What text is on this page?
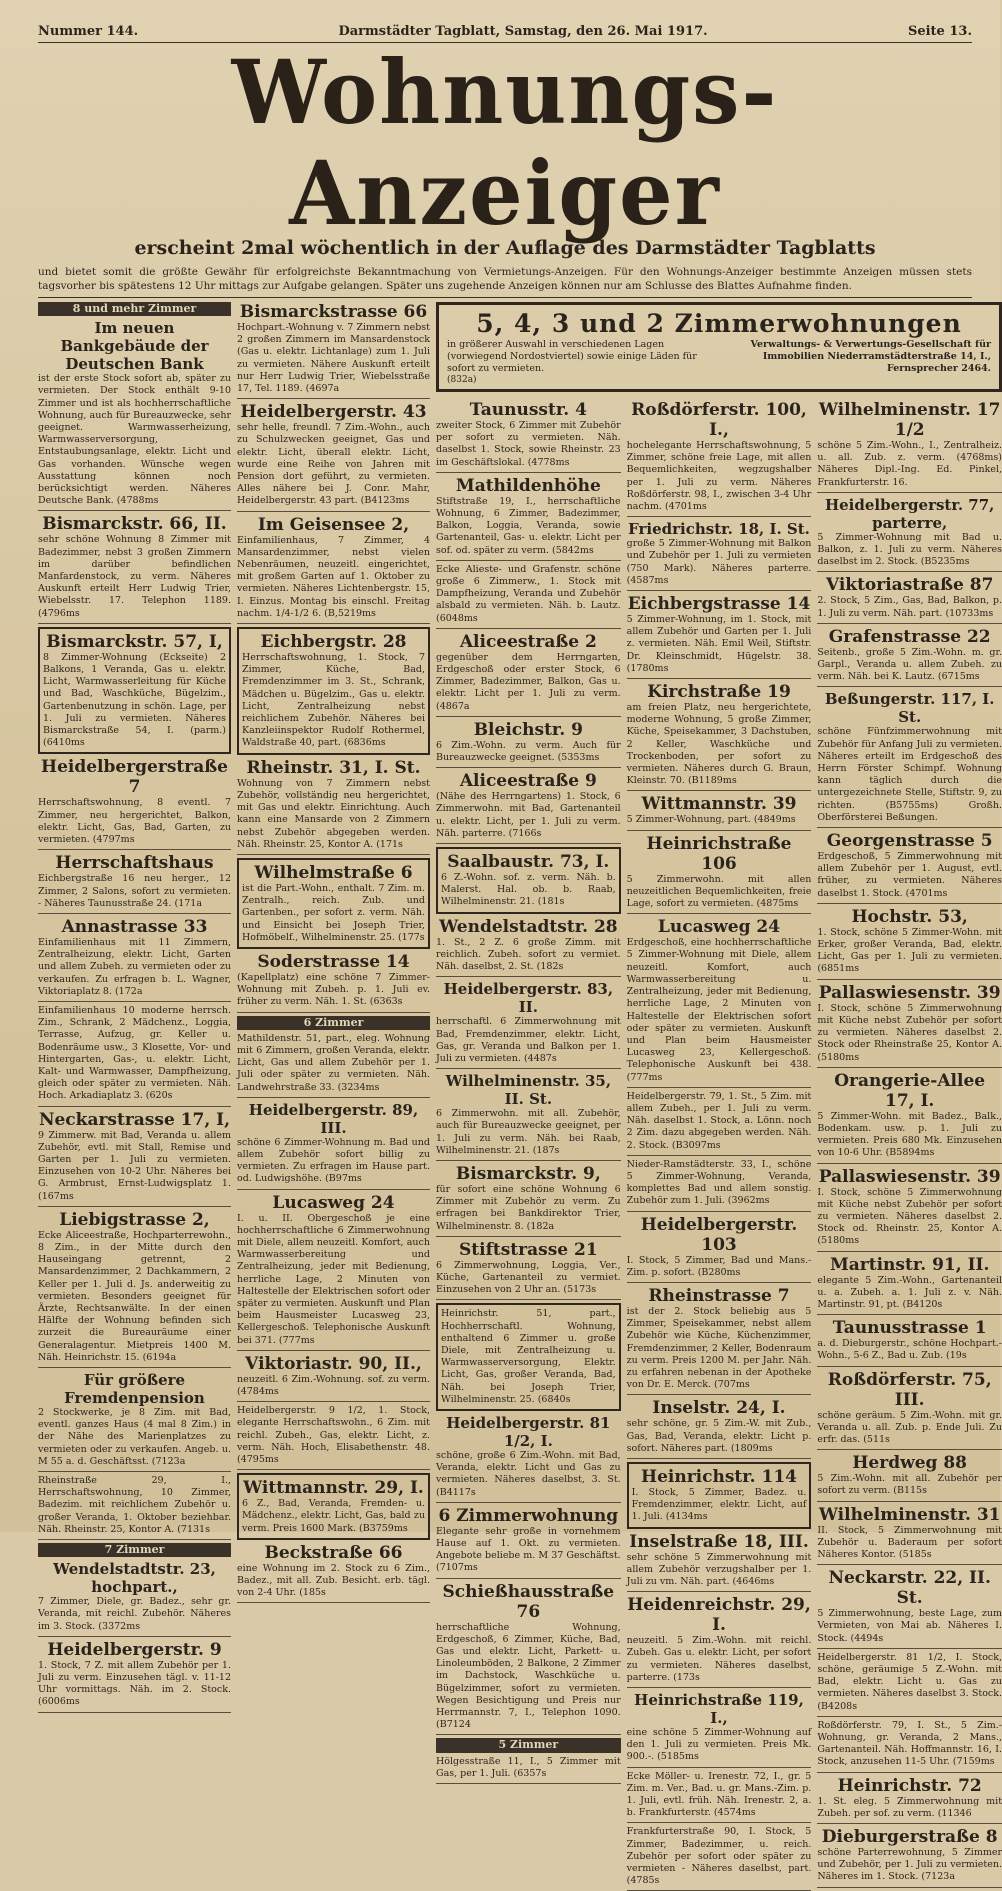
Nummer 144.	Darmstädter Tagblatt, Samstag, den 26. Mai 1917.	Seite 13.
Wohnungs-Anzeiger
erscheint 2mal wöchentlich in der Auflage des Darmstädter Tagblatts
und bietet somit die größte Gewähr für erfolgreichste Bekanntmachung von Vermietungs-Anzeigen. Für den Wohnungs-Anzeiger bestimmte Anzeigen müssen stets tagsvorher bis spätestens 12 Uhr mittags zur Aufgabe gelangen. Später uns zugehende Anzeigen können nur am Schlusse des Blattes Aufnahme finden.
8 und mehr Zimmer
Im neuen Bankgebäude der Deutschen Bank
ist der erste Stock sofort ab, später zu vermieten. Der Stock enthält 9-10 Zimmer und ist als hochherrschaftliche Wohnung, auch für Bureauzwecke, sehr geeignet. Warmwasserheizung, Warmwasserversorgung, Entstaubungsanlage, elektr. Licht und Gas vorhanden. Wünsche wegen Ausstattung können noch berücksichtigt werden. Näheres Deutsche Bank. (4788ms
Bismarckstr. 66, II.
sehr schöne Wohnung 8 Zimmer mit Badezimmer, nebst 3 großen Zimmern im darüber befindlichen Manfardenstock, zu verm. Näheres Auskunft erteilt Herr Ludwig Trier, Wiebelsstr. 17. Telephon 1189. (4796ms
Bismarckstr. 57, I,
8 Zimmer-Wohnung (Eckseite) 2 Balkons, 1 Veranda, Gas u. elektr. Licht, Warmwasserleitung für Küche und Bad, Waschküche, Bügelzim., Gartenbenutzung in schön. Lage, per 1. Juli zu vermieten. Näheres Bismarckstraße 54, I. (parm.) (6410ms
Heidelbergerstraße 7
Herrschaftswohnung, 8 eventl. 7 Zimmer, neu hergerichtet, Balkon, elektr. Licht, Gas, Bad, Garten, zu vermieten. (4797ms
Herrschaftshaus
Eichbergstraße 16 neu herger., 12 Zimmer, 2 Salons, sofort zu vermieten. - Näheres Taunusstraße 24. (171a
Annastrasse 33
Einfamilienhaus mit 11 Zimmern, Zentralheizung, elektr. Licht, Garten und allem Zubeh. zu vermieten oder zu verkaufen. Zu erfragen b. L. Wagner, Viktoriaplatz 8. (172a
Einfamilienhaus 10 moderne herrsch. Zim., Schrank, 2 Mädchenz., Loggia, Terrasse, Aufzug, gr. Keller u. Bodenräume usw., 3 Klosette, Vor- und Hintergarten, Gas-, u. elektr. Licht, Kalt- und Warmwasser, Dampfheizung, gleich oder später zu vermieten. Näh. Hoch. Arkadiaplatz 3. (620s
Neckarstrasse 17, I,
9 Zimmerw. mit Bad, Veranda u. allem Zubehör, evtl. mit Stall, Remise und Garten per 1. Juli zu vermieten. Einzusehen von 10-2 Uhr. Näheres bei G. Armbrust, Ernst-Ludwigsplatz 1. (167ms
Liebigstrasse 2,
Ecke Aliceestraße, Hochparterrewohn., 8 Zim., in der Mitte durch den Hauseingang getrennt, 2 Mansardenzimmer, 2 Dachkammern, 2 Keller per 1. Juli d. Js. anderweitig zu vermieten. Besonders geeignet für Ärzte, Rechtsanwälte. In der einen Hälfte der Wohnung befinden sich zurzeit die Bureauräume einer Generalagentur. Mietpreis 1400 M. Näh. Heinrichstr. 15. (6194a
Für größere Fremdenpension
2 Stockwerke, je 8 Zim. mit Bad, eventl. ganzes Haus (4 mal 8 Zim.) in der Nähe des Marienplatzes zu vermieten oder zu verkaufen. Angeb. u. M 55 a. d. Geschäftsst. (7123a
Rheinstraße 29, I., Herrschaftswohnung, 10 Zimmer, Badezim. mit reichlichem Zubehör u. großer Veranda, 1. Oktober beziehbar. Näh. Rheinstr. 25, Kontor A. (7131s
7 Zimmer
Wendelstadtstr. 23, hochpart.,
7 Zimmer, Diele, gr. Badez., sehr gr. Veranda, mit reichl. Zubehör. Näheres im 3. Stock. (3372ms
Heidelbergerstr. 9
1. Stock, 7 Z. mit allem Zubehör per 1. Juli zu verm. Einzusehen tägl. v. 11-12 Uhr vormittags. Näh. im 2. Stock. (6006ms
Bismarckstrasse 66
Hochpart.-Wohnung v. 7 Zimmern nebst 2 großen Zimmern im Mansardenstock (Gas u. elektr. Lichtanlage) zum 1. Juli zu vermieten. Nähere Auskunft erteilt nur Herr Ludwig Trier, Wiebelsstraße 17, Tel. 1189. (4697a
Heidelbergerstr. 43
sehr helle, freundl. 7 Zim.-Wohn., auch zu Schulzwecken geeignet, Gas und elektr. Licht, überall elektr. Licht, wurde eine Reihe von Jahren mit Pension dort geführt, zu vermieten. Alles nähere bei J. Conr. Mahr, Heidelbergerstr. 43 part. (B4123ms
Im Geisensee 2,
Einfamilienhaus, 7 Zimmer, 4 Mansardenzimmer, nebst vielen Nebenräumen, neuzeitl. eingerichtet, mit großem Garten auf 1. Oktober zu vermieten. Näheres Lichtenbergstr. 15, I. Einzus. Montag bis einschl. Freitag nachm. 1/4-1/2 6. (B,5219ms
Eichbergstr. 28
Herrschaftswohnung, 1. Stock, 7 Zimmer, Küche, Bad, Fremdenzimmer im 3. St., Schrank, Mädchen u. Bügelzim., Gas u. elektr. Licht, Zentralheizung nebst reichlichem Zubehör. Näheres bei Kanzleiinspektor Rudolf Rothermel, Waldstraße 40, part. (6836ms
Rheinstr. 31, I. St.
Wohnung von 7 Zimmern nebst Zubehör, vollständig neu hergerichtet, mit Gas und elektr. Einrichtung. Auch kann eine Mansarde von 2 Zimmern nebst Zubehör abgegeben werden. Näh. Rheinstr. 25, Kontor A. (171s
Wilhelmstraße 6
ist die Part.-Wohn., enthalt. 7 Zim. m. Zentralh., reich. Zub. und Gartenben., per sofort z. verm. Näh. und Einsicht bei Joseph Trier, Hofmöbelf., Wilhelminenstr. 25. (177s
Soderstrasse 14
(Kapellplatz) eine schöne 7 Zimmer-Wohnung mit Zubeh. p. 1. Juli ev. früher zu verm. Näh. 1. St. (6363s
6 Zimmer
Mathildenstr. 51, part., eleg. Wohnung mit 6 Zimmern, großen Veranda, elektr. Licht, Gas und allem Zubehör per 1. Juli oder später zu vermieten. Näh. Landwehrstraße 33. (3234ms
Heidelbergerstr. 89, III.
schöne 6 Zimmer-Wohnung m. Bad und allem Zubehör sofort billig zu vermieten. Zu erfragen im Hause part. od. Ludwigshöhe. (B97ms
Lucasweg 24
I. u. II. Obergeschoß je eine hochherrschaftliche 6 Zimmerwohnung mit Diele, allem neuzeitl. Komfort, auch Warmwasserbereitung und Zentralheizung, jeder mit Bedienung, herrliche Lage, 2 Minuten von Haltestelle der Elektrischen sofort oder später zu vermieten. Auskunft und Plan beim Hausmeister Lucasweg 23, Kellergeschoß. Telephonische Auskunft bei 371. (777ms
Viktoriastr. 90, II.,
neuzeitl. 6 Zim.-Wohnung. sof. zu verm. (4784ms
Heidelbergerstr. 9 1/2, 1. Stock, elegante Herrschaftswohn., 6 Zim. mit reichl. Zubeh., Gas, elektr. Licht, z. verm. Näh. Hoch, Elisabethenstr. 48. (4795ms
Wittmannstr. 29, I.
6 Z., Bad, Veranda, Fremden- u. Mädchenz., elektr. Licht, Gas, bald zu verm. Preis 1600 Mark. (B3759ms
Beckstraße 66
eine Wohnung im 2. Stock zu 6 Zim., Badez., mit all. Zub. Besicht. erb. tägl. von 2-4 Uhr. (185s
5, 4, 3 und 2 Zimmerwohnungen
in größerer Auswahl in verschiedenen Lagen (vorwiegend Nordostviertel) sowie einige Läden für sofort zu vermieten.
Verwaltungs- & Verwertungs-Gesellschaft für Immobilien Niederramstädterstraße 14, I., Fernsprecher 2464.
(832a)
Taunusstr. 4
zweiter Stock, 6 Zimmer mit Zubehör per sofort zu vermieten. Näh. daselbst 1. Stock, sowie Rheinstr. 23 im Geschäftslokal. (4778ms
Mathildenhöhe
Stiftstraße 19, I., herrschaftliche Wohnung, 6 Zimmer, Badezimmer, Balkon, Loggia, Veranda, sowie Gartenanteil, Gas- u. elektr. Licht per sof. od. später zu verm. (5842ms
Ecke Alieste- und Grafenstr. schöne große 6 Zimmerw., 1. Stock mit Dampfheizung, Veranda und Zubehör alsbald zu vermieten. Näh. b. Lautz. (6048ms
Aliceestraße 2
gegenüber dem Herrngarten, Erdgeschoß oder erster Stock, 6 Zimmer, Badezimmer, Balkon, Gas u. elektr. Licht per 1. Juli zu verm. (4867a
Bleichstr. 9
6 Zim.-Wohn. zu verm. Auch für Bureauzwecke geeignet. (5353ms
Aliceestraße 9
(Nähe des Herrngartens) 1. Stock, 6 Zimmerwohn. mit Bad, Gartenanteil u. elektr. Licht, per 1. Juli zu verm. Näh. parterre. (7166s
Saalbaustr. 73, I.
6 Z.-Wohn. sof. z. verm. Näh. b. Malerst. Hal. ob. b. Raab, Wilhelminenstr. 21. (181s
Wendelstadtstr. 28
1. St., 2 Z. 6 große Zimm. mit reichlich. Zubeh. sofort zu vermiet. Näh. daselbst, 2. St. (182s
Heidelbergerstr. 83, II.
herrschaftl. 6 Zimmerwohnung mit Bad, Fremdenzimmer, elektr. Licht, Gas, gr. Veranda und Balkon per 1. Juli zu vermieten. (4487s
Wilhelminenstr. 35, II. St.
6 Zimmerwohn. mit all. Zubehör, auch für Bureauzwecke geeignet, per 1. Juli zu verm. Näh. bei Raab, Wilhelminenstr. 21. (187s
Bismarckstr. 9,
für sofort eine schöne Wohnung 6 Zimmer mit Zubehör zu verm. Zu erfragen bei Bankdirektor Trier, Wilhelminenstr. 8. (182a
Stiftstrasse 21
6 Zimmerwohnung, Loggia, Ver., Küche, Gartenanteil zu vermiet. Einzusehen von 2 Uhr an. (5173s
Heinrichstr. 51, part., Hochherrschaftl. Wohnung, enthaltend 6 Zimmer u. große Diele, mit Zentralheizung u. Warmwasserversorgung, Elektr. Licht, Gas, großer Veranda, Bad, Näh. bei Joseph Trier, Wilhelminenstr. 25. (6840s
Heidelbergerstr. 81 1/2, I.
schöne, große 6 Zim.-Wohn. mit Bad, Veranda, elektr. Licht und Gas zu vermieten. Näheres daselbst, 3. St. (B4117s
6 Zimmerwohnung
Elegante sehr große in vornehmem Hause auf 1. Okt. zu vermieten. Angebote beliebe m. M 37 Geschäftst. (7107ms
Schießhausstraße 76
herrschaftliche Wohnung, Erdgeschoß, 6 Zimmer, Küche, Bad, Gas und elektr. Licht, Parkett- u. Linoleumböden, 2 Balkone, 2 Zimmer im Dachstock, Waschküche u. Bügelzimmer, sofort zu vermieten. Wegen Besichtigung und Preis nur Herrmannstr. 7, I., Telephon 1090. (B7124
5 Zimmer
Hölgesstraße 11, I., 5 Zimmer mit Gas, per 1. Juli. (6357s
Roßdörferstr. 100, I.,
hochelegante Herrschaftswohnung, 5 Zimmer, schöne freie Lage, mit allen Bequemlichkeiten, wegzugshalber per 1. Juli zu verm. Näheres Roßdörferstr. 98, I., zwischen 3-4 Uhr nachm. (4701ms
Friedrichstr. 18, I. St.
große 5 Zimmer-Wohnung mit Balkon und Zubehör per 1. Juli zu vermieten (750 Mark). Näheres parterre. (4587ms
Eichbergstrasse 14
5 Zimmer-Wohnung, im 1. Stock, mit allem Zubehör und Garten per 1. Juli z. vermieten. Näh. Emil Weil, Stiftstr. Dr. Kleinschmidt, Hügelstr. 38. (1780ms
Kirchstraße 19
am freien Platz, neu hergerichtete, moderne Wohnung, 5 große Zimmer, Küche, Speisekammer, 3 Dachstuben, 2 Keller, Waschküche und Trockenboden, per sofort zu vermieten. Näheres durch G. Braun, Kleinstr. 70. (B1189ms
Wittmannstr. 39
5 Zimmer-Wohnung, part. (4849ms
Heinrichstraße 106
5 Zimmerwohn. mit allen neuzeitlichen Bequemlichkeiten, freie Lage, sofort zu vermieten. (4875ms
Lucasweg 24
Erdgeschoß, eine hochherrschaftliche 5 Zimmer-Wohnung mit Diele, allem neuzeitl. Komfort, auch Warmwasserbereitung u. Zentralheizung, jeder mit Bedienung, herrliche Lage, 2 Minuten von Haltestelle der Elektrischen sofort oder später zu vermieten. Auskunft und Plan beim Hausmeister Lucasweg 23, Kellergeschoß. Telephonische Auskunft bei 438. (777ms
Heidelbergerstr. 79, 1. St., 5 Zim. mit allem Zubeh., per 1. Juli zu verm. Näh. daselbst 1. Stock, a. Lönn. noch 2 Zim. dazu abgegeben werden. Näh. 2. Stock. (B3097ms
Nieder-Ramstädterstr. 33, I., schöne 5 Zimmer-Wohnung, Veranda, komplettes Bad und allem sonstig. Zubehör zum 1. Juli. (3962ms
Heidelbergerstr. 103
I. Stock, 5 Zimmer, Bad und Mans.-Zim. p. sofort. (B280ms
Rheinstrasse 7
ist der 2. Stock beliebig aus 5 Zimmer, Speisekammer, nebst allem Zubehör wie Küche, Küchenzimmer, Fremdenzimmer, 2 Keller, Bodenraum zu verm. Preis 1200 M. per Jahr. Näh. zu erfahren nebenan in der Apotheke von Dr. E. Merck. (707ms
Inselstr. 24, I.
sehr schöne, gr. 5 Zim.-W. mit Zub., Gas, Bad, Veranda, elektr. Licht p. sofort. Näheres part. (1809ms
Heinrichstr. 114
I. Stock, 5 Zimmer, Badez. u. Fremdenzimmer, elektr. Licht, auf 1. Juli. (4134ms
Inselstraße 18, III.
sehr schöne 5 Zimmerwohnung mit allem Zubehör verzugshalber per 1. Juli zu vm. Näh. part. (4646ms
Heidenreichstr. 29, I.
neuzeitl. 5 Zim.-Wohn. mit reichl. Zubeh. Gas u. elektr. Licht, per sofort zu vermieten. Näheres daselbst, parterre. (173s
Heinrichstraße 119, I.,
eine schöne 5 Zimmer-Wohnung auf den 1. Juli zu vermieten. Preis Mk. 900.-. (5185ms
Ecke Möller- u. Irenestr. 72, I., gr. 5 Zim. m. Ver., Bad. u. gr. Mans.-Zim. p. 1. Juli, evtl. früh. Näh. Irenestr. 2, a. b. Frankfurterstr. (4574ms
Frankfurterstraße 90, I. Stock, 5 Zimmer, Badezimmer, u. reich. Zubehör per sofort oder später zu vermieten - Näheres daselbst, part. (4785s
Wilhelminenstr. 17 1/2
schöne 5 Zim.-Wohn., I., Zentralheiz. u. all. Zub. z. verm. (4768ms) Näheres Dipl.-Ing. Ed. Pinkel, Frankfurterstr. 16.
Heidelbergerstr. 77, parterre,
5 Zimmer-Wohnung mit Bad u. Balkon, z. 1. Juli zu verm. Näheres daselbst im 2. Stock. (B5235ms
Viktoriastraße 87
2. Stock, 5 Zim., Gas, Bad, Balkon, p. 1. Juli zu verm. Näh. part. (10733ms
Grafenstrasse 22
Seitenb., große 5 Zim.-Wohn. m. gr. Garpl., Veranda u. allem Zubeh. zu verm. Näh. bei K. Lautz. (6715ms
Beßungerstr. 117, I. St.
schöne Fünfzimmerwohnung mit Zubehör für Anfang Juli zu vermieten. Näheres erteilt im Erdgeschoß des Herrn Förster Schimpf. Wohnung kann täglich durch die untergezeichnete Stelle, Stiftstr. 9, zu richten. (B5755ms) Großh. Oberförsterei Beßungen.
Georgenstrasse 5
Erdgeschoß, 5 Zimmerwohnung mit allem Zubehör per 1. August, evtl. früher, zu vermieten. Näheres daselbst 1. Stock. (4701ms
Hochstr. 53,
1. Stock, schöne 5 Zimmer-Wohn. mit Erker, großer Veranda, Bad, elektr. Licht, Gas per 1. Juli zu vermieten. (6851ms
Pallaswiesenstr. 39
I. Stock, schöne 5 Zimmerwohnung mit Küche nebst Zubehör per sofort zu vermieten. Näheres daselbst 2. Stock oder Rheinstraße 25, Kontor A. (5180ms
Orangerie-Allee 17, I.
5 Zimmer-Wohn. mit Badez., Balk., Bodenkam. usw. p. 1. Juli zu vermieten. Preis 680 Mk. Einzusehen von 10-6 Uhr. (B5894ms
Pallaswiesenstr. 39
I. Stock, schöne 5 Zimmerwohnung mit Küche nebst Zubehör per sofort zu vermieten. Näheres daselbst 2. Stock od. Rheinstr. 25, Kontor A. (5180ms
Martinstr. 91, II.
elegante 5 Zim.-Wohn., Gartenanteil u. a. Zubeh. a. 1. Juli z. v. Näh. Martinstr. 91, pt. (B4120s
Taunusstrasse 1
a. d. Dieburgerstr., schöne Hochpart.-Wohn., 5-6 Z., Bad u. Zub. (19s
Roßdörferstr. 75, III.
schöne geräum. 5 Zim.-Wohn. mit gr. Veranda u. all. Zub. p. Ende Juli. Zu erfr. das. (511s
Herdweg 88
5 Zim.-Wohn. mit all. Zubehör per sofort zu verm. (B115s
Wilhelminenstr. 31
II. Stock, 5 Zimmerwohnung mit Zubehör u. Baderaum per sofort Näheres Kontor. (5185s
Neckarstr. 22, II. St.
5 Zimmerwohnung, beste Lage, zum Vermieten, von Mai ab. Näheres I. Stock. (4494s
Heidelbergerstr. 81 1/2, I. Stock, schöne, geräumige 5 Z.-Wohn. mit Bad, elektr. Licht u. Gas zu vermieten. Näheres daselbst 3. Stock. (B4208s
Roßdörferstr. 79, I. St., 5 Zim.-Wohnung, gr. Veranda, 2 Mans., Gartenanteil. Näh. Hoffmannstr. 16, I. Stock, anzusehen 11-5 Uhr. (7159ms
Heinrichstr. 72
1. St. eleg. 5 Zimmerwohnung mit Zubeh. per sof. zu verm. (11346
Dieburgerstraße 8
schöne Parterrewohnung, 5 Zimmer und Zubehör, per 1. Juli zu vermieten. Näheres im 1. Stock. (7123a
